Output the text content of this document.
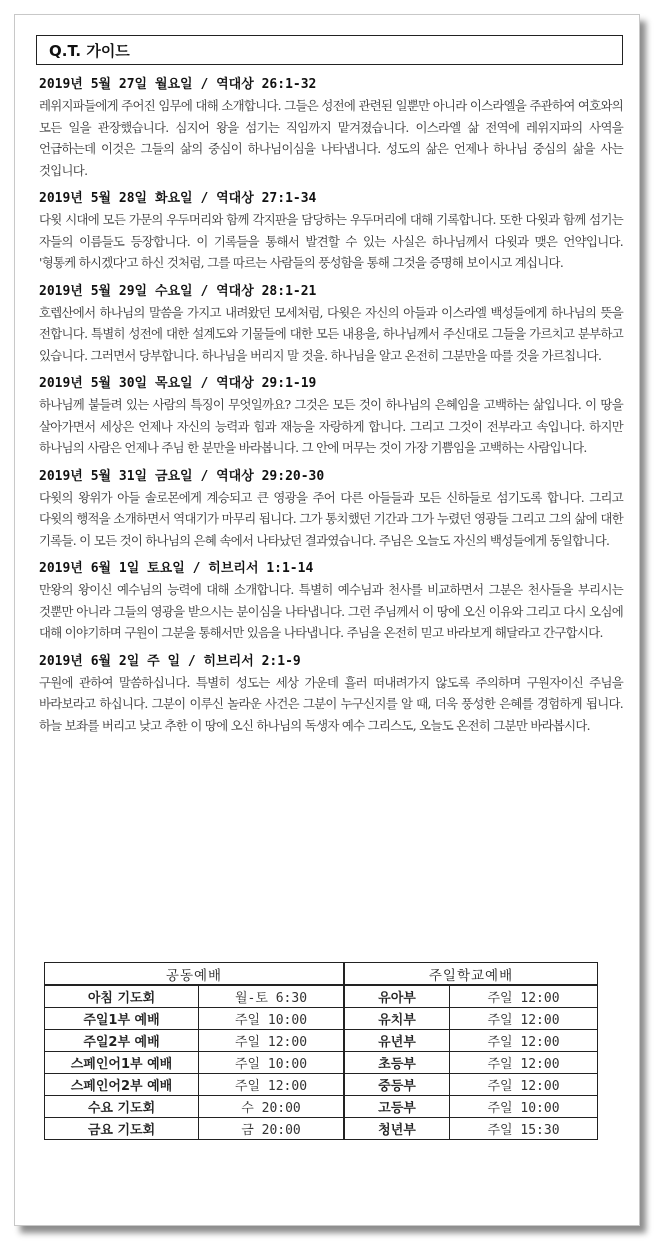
Q.T. 가이드
2019년 5월 27일 월요일 / 역대상 26:1-32
레위지파들에게 주어진 임무에 대해 소개합니다. 그들은 성전에 관련된 일뿐만 아니라 이스라엘을 주관하여 여호와의 모든 일을 관장했습니다. 심지어 왕을 섬기는 직임까지 맡겨졌습니다. 이스라엘 삶 전역에 레위지파의 사역을 언급하는데 이것은 그들의 삶의 중심이 하나님이심을 나타냅니다. 성도의 삶은 언제나 하나님 중심의 삶을 사는 것입니다.
2019년 5월 28일 화요일 / 역대상 27:1-34
다윗 시대에 모든 가문의 우두머리와 함께 각지판을 담당하는 우두머리에 대해 기록합니다. 또한 다윗과 함께 섬기는 자들의 이름들도 등장합니다. 이 기록들을 통해서 발견할 수 있는 사실은 하나님께서 다윗과 맺은 언약입니다. '형통케 하시겠다'고 하신 것처럼, 그를 따르는 사람들의 풍성함을 통해 그것을 증명해 보이시고 계십니다.
2019년 5월 29일 수요일 / 역대상 28:1-21
호렙산에서 하나님의 말씀을 가지고 내려왔던 모세처럼, 다윗은 자신의 아들과 이스라엘 백성들에게 하나님의 뜻을 전합니다. 특별히 성전에 대한 설계도와 기물들에 대한 모든 내용을, 하나님께서 주신대로 그들을 가르치고 분부하고 있습니다. 그러면서 당부합니다. 하나님을 버리지 말 것을. 하나님을 알고 온전히 그분만을 따를 것을 가르칩니다.
2019년 5월 30일 목요일 / 역대상 29:1-19
하나님께 붙들려 있는 사람의 특징이 무엇일까요? 그것은 모든 것이 하나님의 은혜임을 고백하는 삶입니다. 이 땅을 살아가면서 세상은 언제나 자신의 능력과 힘과 재능을 자랑하게 합니다. 그리고 그것이 전부라고 속입니다. 하지만 하나님의 사람은 언제나 주님 한 분만을 바라봅니다. 그 안에 머무는 것이 가장 기쁨임을 고백하는 사람입니다.
2019년 5월 31일 금요일 / 역대상 29:20-30
다윗의 왕위가 아들 솔로몬에게 계승되고 큰 영광을 주어 다른 아들들과 모든 신하들로 섬기도록 합니다. 그리고 다윗의 행적을 소개하면서 역대기가 마무리 됩니다. 그가 통치했던 기간과 그가 누렸던 영광들 그리고 그의 삶에 대한 기록들. 이 모든 것이 하나님의 은혜 속에서 나타났던 결과였습니다. 주님은 오늘도 자신의 백성들에게 동일합니다.
2019년 6월 1일 토요일 / 히브리서 1:1-14
만왕의 왕이신 예수님의 능력에 대해 소개합니다. 특별히 예수님과 천사를 비교하면서 그분은 천사들을 부리시는 것뿐만 아니라 그들의 영광을 받으시는 분이심을 나타냅니다. 그런 주님께서 이 땅에 오신 이유와 그리고 다시 오심에 대해 이야기하며 구원이 그분을 통해서만 있음을 나타냅니다. 주님을 온전히 믿고 바라보게 해달라고 간구합시다.
2019년 6월 2일 주 일 / 히브리서 2:1-9
구원에 관하여 말씀하십니다. 특별히 성도는 세상 가운데 흘러 떠내려가지 않도록 주의하며 구원자이신 주님을 바라보라고 하십니다. 그분이 이루신 놀라운 사건은 그분이 누구신지를 알 때, 더욱 풍성한 은혜를 경험하게 됩니다. 하늘 보좌를 버리고 낮고 추한 이 땅에 오신 하나님의 독생자 예수 그리스도, 오늘도 온전히 그분만 바라봅시다.
공동예배		주일학교예배	
아침 기도회	월-토 6:30	유아부	주일 12:00
주일1부 예배	주일 10:00	유치부	주일 12:00
주일2부 예배	주일 12:00	유년부	주일 12:00
스페인어1부 예배	주일 10:00	초등부	주일 12:00
스페인어2부 예배	주일 12:00	중등부	주일 12:00
수요 기도회	수 20:00	고등부	주일 10:00
금요 기도회	금 20:00	청년부	주일 15:30
